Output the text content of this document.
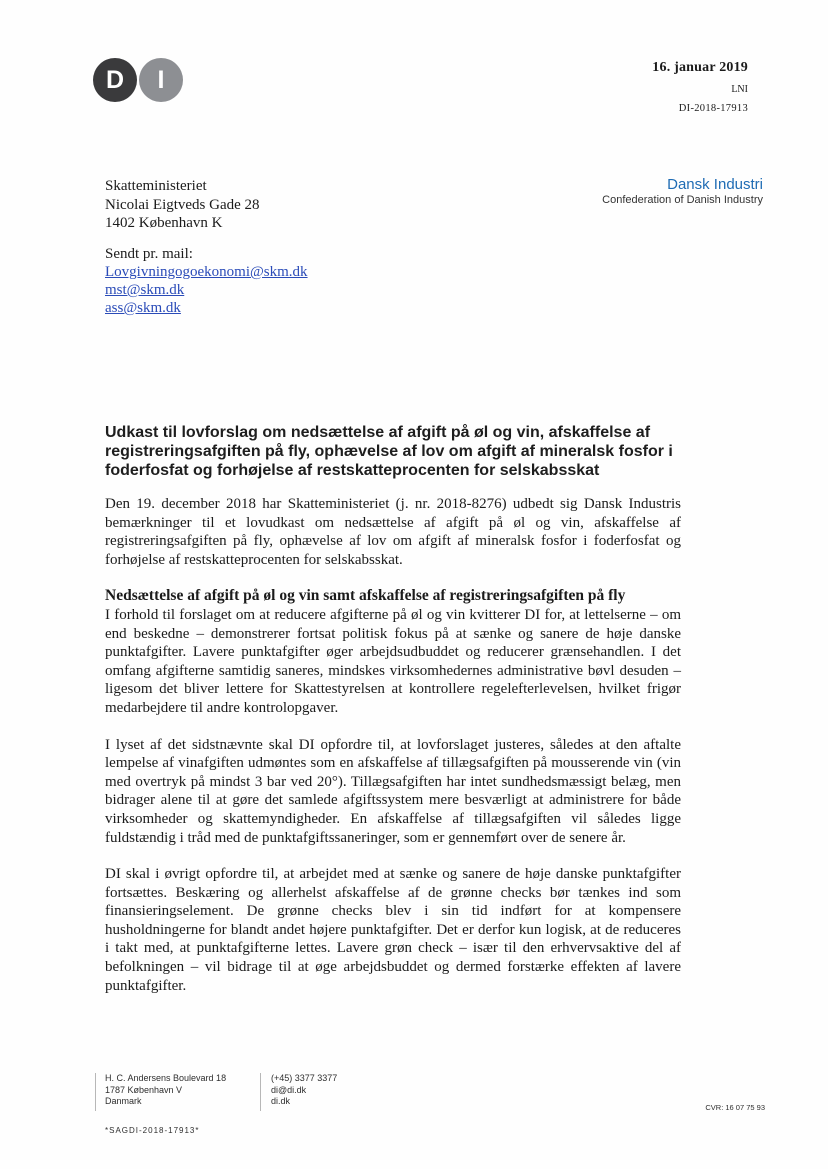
D	I	16. januar 2019
LNI
DI-2018-17913
Dansk Industri
Confederation of Danish Industry
Skatteministeriet
Nicolai Eigtveds Gade 28
1402 København K
Sendt pr. mail:
Lovgivningogoekonomi@skm.dk
mst@skm.dk
ass@skm.dk
Udkast til lovforslag om nedsættelse af afgift på øl og vin, afskaffelse af registreringsafgiften på fly, ophævelse af lov om afgift af mineralsk fosfor i foderfosfat og forhøjelse af restskatteprocenten for selskabsskat

Den 19. december 2018 har Skatteministeriet (j. nr. 2018-8276) udbedt sig Dansk Industris bemærkninger til et lovudkast om nedsættelse af afgift på øl og vin, afskaffelse af registreringsafgiften på fly, ophævelse af lov om afgift af mineralsk fosfor i foderfosfat og forhøjelse af restskatteprocenten for selskabsskat.

Nedsættelse af afgift på øl og vin samt afskaffelse af registreringsafgiften på fly

I forhold til forslaget om at reducere afgifterne på øl og vin kvitterer DI for, at lettelserne – om end beskedne – demonstrerer fortsat politisk fokus på at sænke og sanere de høje danske punktafgifter. Lavere punktafgifter øger arbejdsudbuddet og reducerer grænsehandlen. I det omfang afgifterne samtidig saneres, mindskes virksomhedernes administrative bøvl desuden – ligesom det bliver lettere for Skattestyrelsen at kontrollere regelefterlevelsen, hvilket frigør medarbejdere til andre kontrolopgaver.

I lyset af det sidstnævnte skal DI opfordre til, at lovforslaget justeres, således at den aftalte lempelse af vinafgiften udmøntes som en afskaffelse af tillægsafgiften på mousserende vin (vin med overtryk på mindst 3 bar ved 20°). Tillægsafgiften har intet sundhedsmæssigt belæg, men bidrager alene til at gøre det samlede afgiftssystem mere besværligt at administrere for både virksomheder og skattemyndigheder. En afskaffelse af tillægsafgiften vil således ligge fuldstændig i tråd med de punktafgiftssaneringer, som er gennemført over de senere år.

DI skal i øvrigt opfordre til, at arbejdet med at sænke og sanere de høje danske punktafgifter fortsættes. Beskæring og allerhelst afskaffelse af de grønne checks bør tænkes ind som finansieringselement. De grønne checks blev i sin tid indført for at kompensere husholdningerne for blandt andet højere punktafgifter. Det er derfor kun logisk, at de reduceres i takt med, at punktafgifterne lettes. Lavere grøn check – især til den erhvervsaktive del af befolkningen – vil bidrage til at øge arbejdsbuddet og dermed forstærke effekten af lavere punktafgifter.

H. C. Andersens Boulevard 18
1787 København V
Danmark
(+45) 3377 3377
di@di.dk
di.dk
CVR: 16 07 75 93
*SAGDI-2018-17913*
